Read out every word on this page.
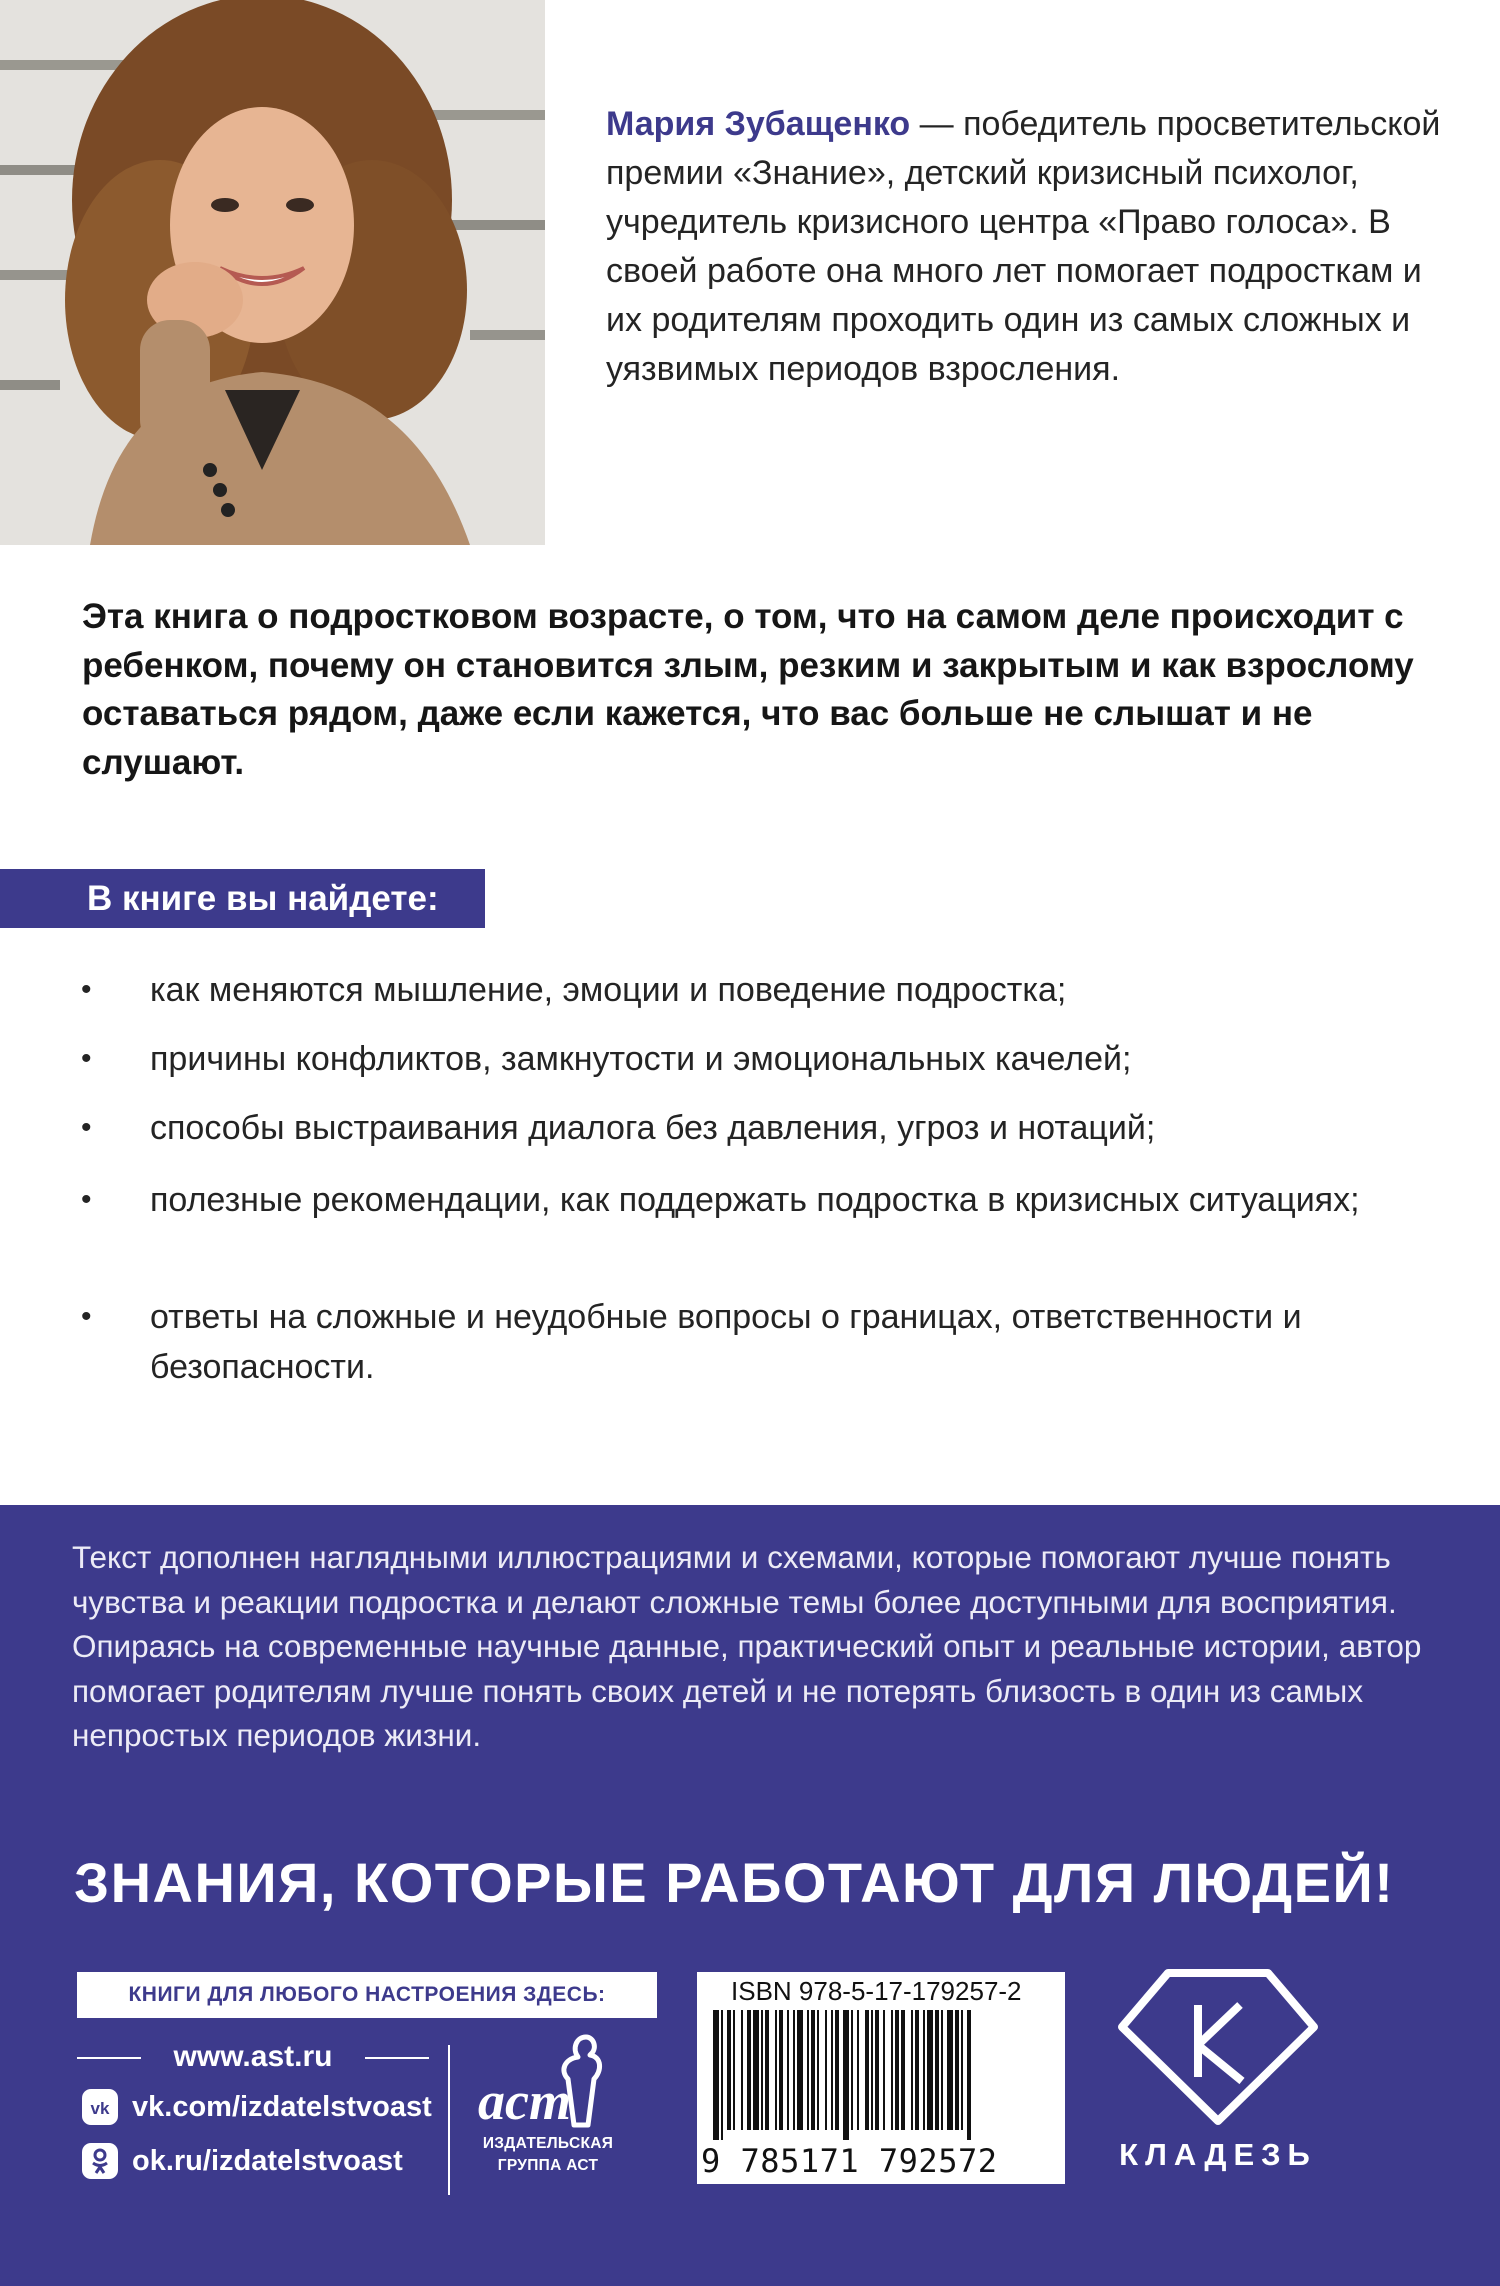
Мария Зубащенко — победитель просветительской премии «Знание», детский кризисный психолог, учредитель кризисного центра «Право голоса». В своей работе она много лет помогает подросткам и их родителям проходить один из самых сложных и уязвимых периодов взросления.
Эта книга о подростковом возрасте, о том, что на самом деле происходит с ребенком, почему он становится злым, резким и закрытым и как взрослому оставаться рядом, даже если кажется, что вас больше не слышат и не слушают.
В книге вы найдете:
• как меняются мышление, эмоции и поведение подростка;
• причины конфликтов, замкнутости и эмоциональных качелей;
• способы выстраивания диалога без давления, угроз и нотаций;
• полезные рекомендации, как поддержать подростка в кризисных ситуациях;
• ответы на сложные и неудобные вопросы о границах, ответственности и безопасности.

Текст дополнен наглядными иллюстрациями и схемами, которые помогают лучше понять чувства и реакции подростка и делают сложные темы более доступными для восприятия.

Опираясь на современные научные данные, практический опыт и реальные истории, автор помогает родителям лучше понять своих детей и не потерять близость в один из самых непростых периодов жизни.

ЗНАНИЯ, КОТОРЫЕ РАБОТАЮТ ДЛЯ ЛЮДЕЙ!
КНИГИ ДЛЯ ЛЮБОГО НАСТРОЕНИЯ ЗДЕСЬ:
www.ast.ru
vk vk.com/izdatelstvoast
ok.ru/izdatelstvoast
аст
ИЗДАТЕЛЬСКАЯ
ГРУППА АСТ
ISBN 978-5-17-179257-2
9 785171 792572	КЛАДЕЗЬ
